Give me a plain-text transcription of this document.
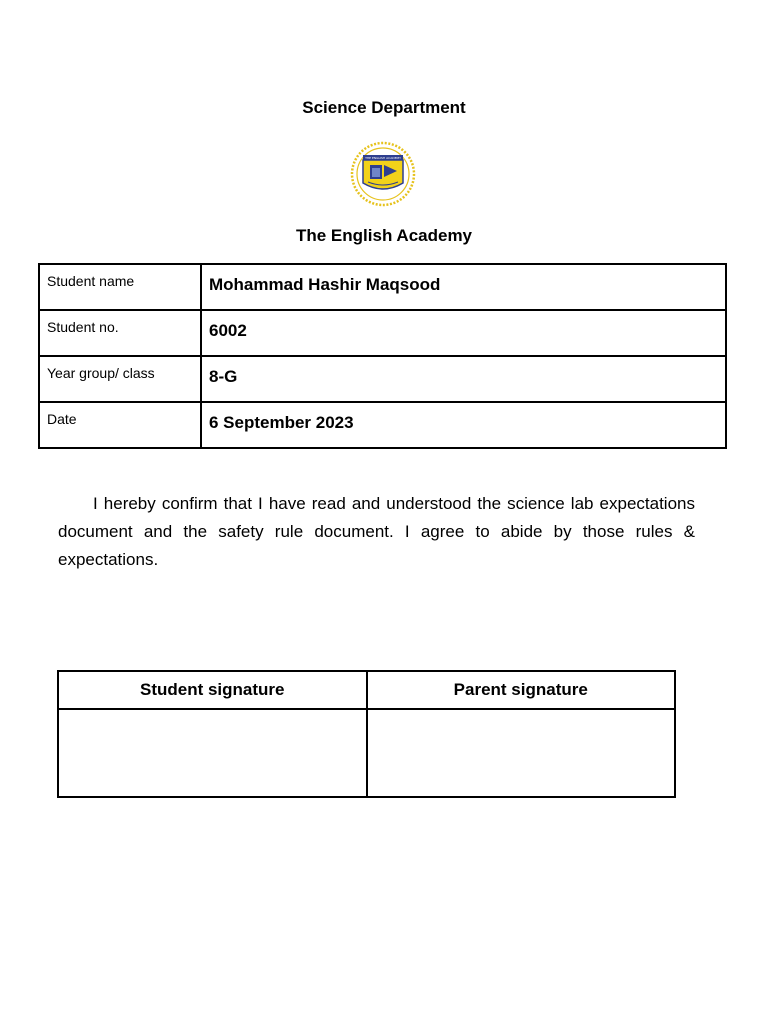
Science Department
THE ENGLISH ACADEMY
The English Academy
Student name	Mohammad Hashir Maqsood
Student no.	6002
Year group/ class	8-G
Date	6 September 2023

I hereby confirm that I have read and understood the science lab expectations document and the safety rule document. I agree to abide by those rules & expectations.

Student signature	Parent signature
